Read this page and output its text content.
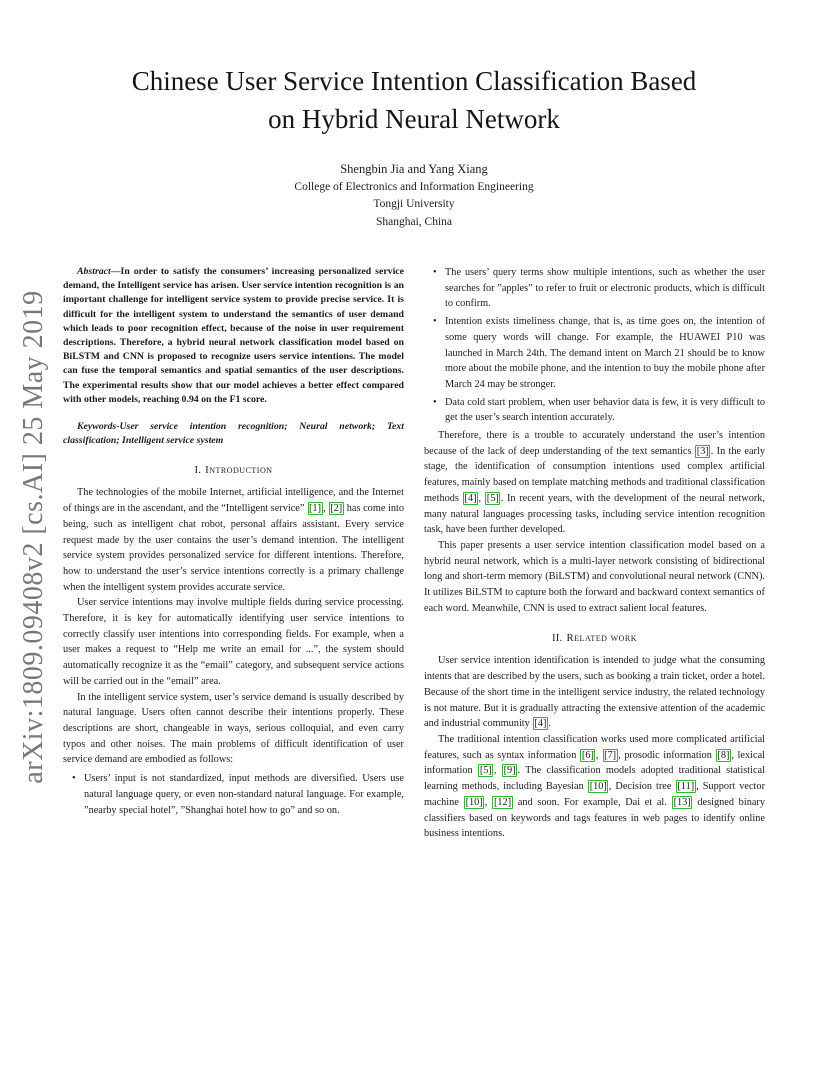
arXiv:1809.09408v2 [cs.AI] 25 May 2019
Chinese User Service Intention Classification Based
on Hybrid Neural Network
Shengbin Jia and Yang Xiang
College of Electronics and Information Engineering
Tongji University
Shanghai, China

Abstract—In order to satisfy the consumers’ increasing personalized service demand, the Intelligent service has arisen. User service intention recognition is an important challenge for intelligent service system to provide precise service. It is difficult for the intelligent system to understand the semantics of user demand which leads to poor recognition effect, because of the noise in user requirement descriptions. Therefore, a hybrid neural network classification model based on BiLSTM and CNN is proposed to recognize users service intentions. The model can fuse the temporal semantics and spatial semantics of the user descriptions. The experimental results show that our model achieves a better effect compared with other models, reaching 0.94 on the F1 score.

Keywords-User service intention recognition; Neural network; Text classification; Intelligent service system

I. Introduction

The technologies of the mobile Internet, artificial intelligence, and the Internet of things are in the ascendant, and the “Intelligent service” [1] , [2] has come into being, such as intelligent chat robot, personal affairs assistant. Every service request made by the user contains the user’s demand intention. The intelligent service system provides personalized service for different intentions. Therefore, how to understand the user’s service intentions correctly is a primary challenge when the intelligent system provides accurate service.

User service intentions may involve multiple fields during service processing. Therefore, it is key for automatically identifying user service intentions to correctly classify user intentions into corresponding fields. For example, when a user makes a request to “Help me write an email for ...”, the system should automatically recognize it as the “email” category, and subsequent service actions will be carried out in the “email” area.

In the intelligent service system, user’s service demand is usually described by natural language. Users often cannot describe their intentions properly. These descriptions are short, changeable in ways, serious colloquial, and even carry typos and other noises. The main problems of difficult identification of user service demand are embodied as follows:

• Users’ input is not standardized, input methods are diversified. Users use natural language query, or even non-standard natural language. For example, ”nearby special hotel”, ”Shanghai hotel how to go” and so on.
• The users’ query terms show multiple intentions, such as whether the user searches for ”apples” to refer to fruit or electronic products, which is difficult to confirm.
• Intention exists timeliness change, that is, as time goes on, the intention of some query words will change. For example, the HUAWEI P10 was launched in March 24th. The demand intent on March 21 should be to know more about the mobile phone, and the intention to buy the mobile phone after March 24 may be stronger.
• Data cold start problem, when user behavior data is few, it is very difficult to get the user’s search intention accurately.

Therefore, there is a trouble to accurately understand the user’s intention because of the lack of deep understanding of the text semantics [3] . In the early stage, the identification of consumption intentions used complex artificial features, mainly based on template matching methods and traditional classification methods [4] , [5] . In recent years, with the development of the neural network, many natural languages processing tasks, including service intention recognition task, have been further developed.

This paper presents a user service intention classification model based on a hybrid neural network, which is a multi-layer network consisting of bidirectional long and short-term memory (BiLSTM) and convolutional neural network (CNN). It utilizes BiLSTM to capture both the forward and backward context semantics of each word. Meanwhile, CNN is used to extract salient local features.

II. Related work

User service intention identification is intended to judge what the consuming intents that are described by the users, such as booking a train ticket, order a hotel. Because of the short time in the intelligent service industry, the related technology is not mature. But it is gradually attracting the extensive attention of the academic and industrial community [4] .

The traditional intention classification works used more complicated artificial features, such as syntax information [6] , [7] , prosodic information [8] , lexical information [5] , [9] . The classification models adopted traditional statistical learning methods, including Bayesian [10] , Decision tree [11] , Support vector machine [10] , [12] and soon. For example, Dai et al. [13] designed binary classifiers based on keywords and tags features in web pages to identify online business intentions.
